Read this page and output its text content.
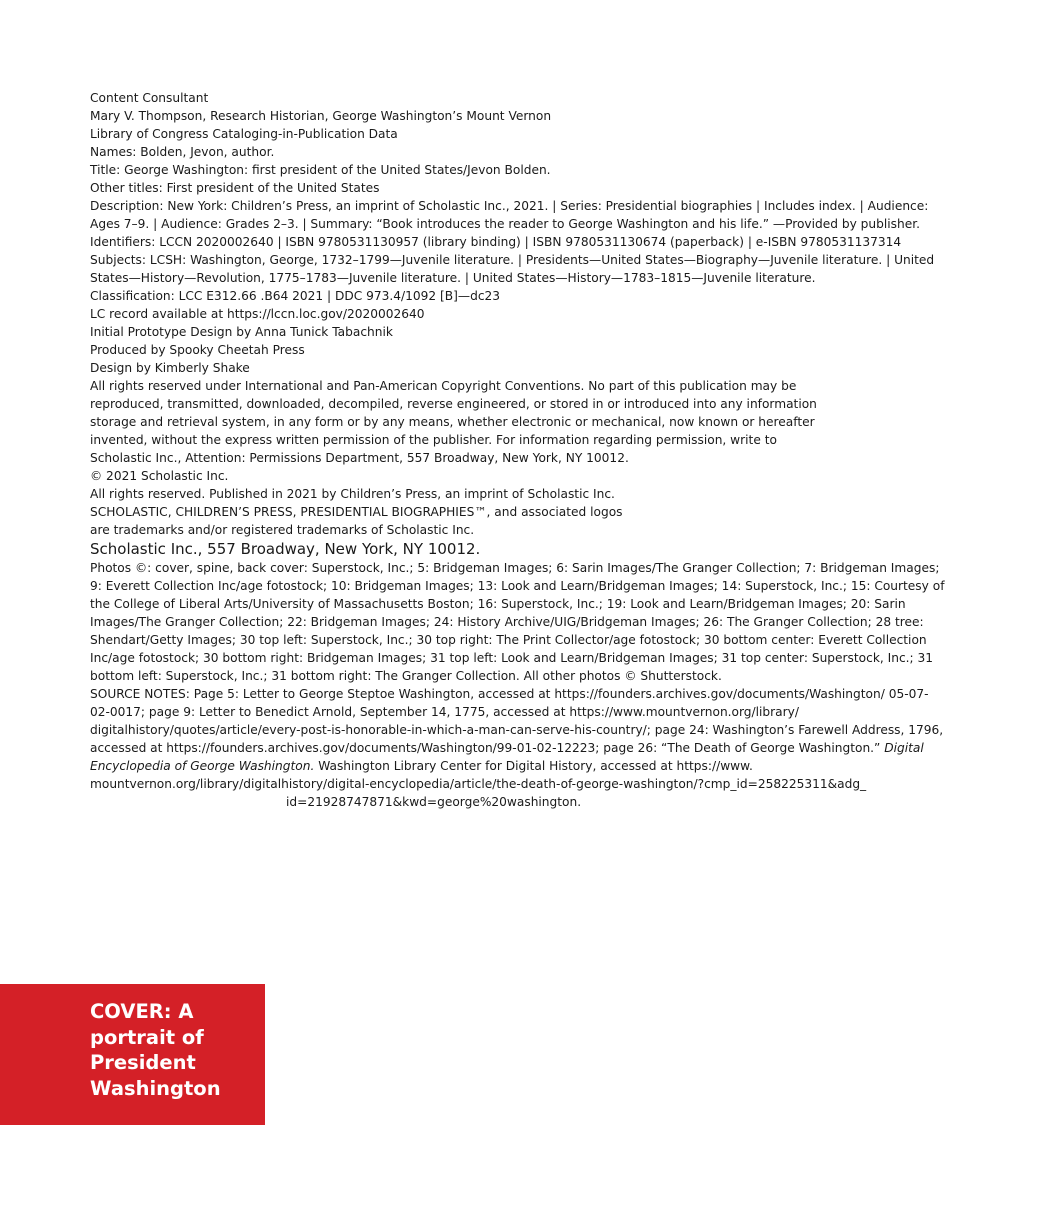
Content Consultant
Mary V. Thompson, Research Historian, George Washington’s Mount Vernon

Library of Congress Cataloging-in-Publication Data
Names: Bolden, Jevon, author.
Title: George Washington: first president of the United States/Jevon Bolden.
Other titles: First president of the United States
Description: New York: Children’s Press, an imprint of Scholastic Inc., 2021. | Series: Presidential biographies | Includes index. | Audience: Ages 7–9. | Audience: Grades 2–3. | Summary: “Book introduces the reader to George Washington and his life.” —Provided by publisher.
Identifiers: LCCN 2020002640 | ISBN 9780531130957 (library binding) | ISBN 9780531130674 (paperback) | e-ISBN 9780531137314
Subjects: LCSH: Washington, George, 1732–1799—Juvenile literature. | Presidents—United States—Biography—Juvenile literature. | United States—History—Revolution, 1775–1783—Juvenile literature. | United States—History—1783–1815—Juvenile literature.
Classification: LCC E312.66 .B64 2021 | DDC 973.4/1092 [B]—dc23
LC record available at https://lccn.loc.gov/2020002640

Initial Prototype Design by Anna Tunick Tabachnik
Produced by Spooky Cheetah Press
Design by Kimberly Shake

All rights reserved under International and Pan-American Copyright Conventions. No part of this publication may be
reproduced, transmitted, downloaded, decompiled, reverse engineered, or stored in or introduced into any information
storage and retrieval system, in any form or by any means, whether electronic or mechanical, now known or hereafter
invented, without the express written permission of the publisher. For information regarding permission, write to
Scholastic Inc., Attention: Permissions Department, 557 Broadway, New York, NY 10012.
© 2021 Scholastic Inc.

All rights reserved. Published in 2021 by Children’s Press, an imprint of Scholastic Inc.

SCHOLASTIC, CHILDREN’S PRESS, PRESIDENTIAL BIOGRAPHIES™, and associated logos
are trademarks and/or registered trademarks of Scholastic Inc.

Scholastic Inc., 557 Broadway, New York, NY 10012.

Photos ©: cover, spine, back cover: Superstock, Inc.; 5: Bridgeman Images; 6: Sarin Images/The Granger Collection; 7: Bridgeman Images; 9: Everett Collection Inc/age fotostock; 10: Bridgeman Images; 13: Look and Learn/Bridgeman Images; 14: Superstock, Inc.; 15: Courtesy of the College of Liberal Arts/University of Massachusetts Boston; 16: Superstock, Inc.; 19: Look and Learn/Bridgeman Images; 20: Sarin Images/The Granger Collection; 22: Bridgeman Images; 24: History Archive/UIG/Bridgeman Images; 26: The Granger Collection; 28 tree: Shendart/Getty Images; 30 top left: Superstock, Inc.; 30 top right: The Print Collector/age fotostock; 30 bottom center: Everett Collection Inc/age fotostock; 30 bottom right: Bridgeman Images; 31 top left: Look and Learn/Bridgeman Images; 31 top center: Superstock, Inc.; 31 bottom left: Superstock, Inc.; 31 bottom right: The Granger Collection. All other photos © Shutterstock.

SOURCE NOTES: Page 5: Letter to George Steptoe Washington, accessed at https://founders.archives.gov/documents/Washington/ 05-07-02-0017; page 9: Letter to Benedict Arnold, September 14, 1775, accessed at https://www.mountvernon.org/library/ digitalhistory/quotes/article/every-post-is-honorable-in-which-a-man-can-serve-his-country/; page 24: Washington’s Farewell Address, 1796, accessed at https://founders.archives.gov/documents/Washington/99-01-02-12223; page 26: “The Death of George Washington.” Digital Encyclopedia of George Washington. Washington Library Center for Digital History, accessed at https://www. mountvernon.org/library/digitalhistory/digital-encyclopedia/article/the-death-of-george-washington/?cmp_id=258225311&adg_
id=21928747871&kwd=george%20washington.

COVER: A
portrait of
President
Washington
